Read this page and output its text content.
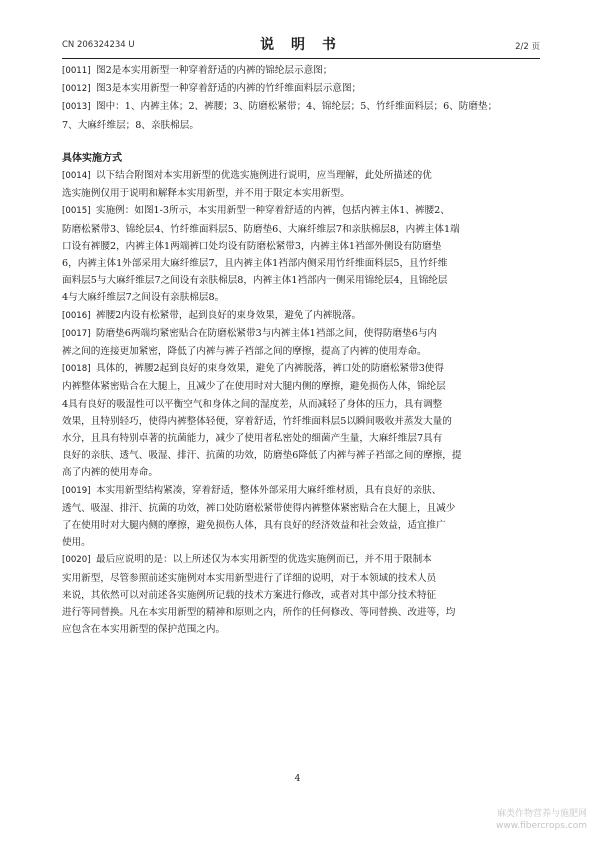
CN 206324234 U	说 明 书	2/2 页
[0011] 图2是本实用新型一种穿着舒适的内裤的锦纶层示意图；
[0012] 图3是本实用新型一种穿着舒适的内裤的竹纤维面料层示意图；
[0013] 图中：1、内裤主体；2、裤腰；3、防磨松紧带；4、锦纶层；5、竹纤维面料层；6、防磨垫；
7、大麻纤维层；8、亲肤棉层。
具体实施方式
[0014] 以下结合附图对本实用新型的优选实施例进行说明，应当理解，此处所描述的优
选实施例仅用于说明和解释本实用新型，并不用于限定本实用新型。
[0015] 实施例：如图1-3所示，本实用新型一种穿着舒适的内裤，包括内裤主体1、裤腰2、
防磨松紧带3、锦纶层4、竹纤维面料层5、防磨垫6、大麻纤维层7和亲肤棉层8，内裤主体1端
口设有裤腰2，内裤主体1两端裤口处均设有防磨松紧带3，内裤主体1裆部外侧设有防磨垫
6，内裤主体1外部采用大麻纤维层7，且内裤主体1裆部内侧采用竹纤维面料层5，且竹纤维
面料层5与大麻纤维层7之间设有亲肤棉层8，内裤主体1裆部内一侧采用锦纶层4，且锦纶层
4与大麻纤维层7之间设有亲肤棉层8。
[0016] 裤腰2内设有松紧带，起到良好的束身效果，避免了内裤脱落。
[0017] 防磨垫6两端均紧密贴合在防磨松紧带3与内裤主体1裆部之间，使得防磨垫6与内
裤之间的连接更加紧密，降低了内裤与裤子裆部之间的摩擦，提高了内裤的使用寿命。
[0018] 具体的，裤腰2起到良好的束身效果，避免了内裤脱落，裤口处的防磨松紧带3使得
内裤整体紧密贴合在大腿上，且减少了在使用时对大腿内侧的摩擦，避免损伤人体，锦纶层
4具有良好的吸湿性可以平衡空气和身体之间的湿度差，从而减轻了身体的压力，具有调整
效果，且特别轻巧，使得内裤整体轻便，穿着舒适，竹纤维面料层5以瞬间吸收并蒸发大量的
水分，且具有特别卓著的抗菌能力，减少了使用者私密处的细菌产生量，大麻纤维层7具有
良好的亲肤、透气、吸湿、排汗、抗菌的功效，防磨垫6降低了内裤与裤子裆部之间的摩擦，提
高了内裤的使用寿命。
[0019] 本实用新型结构紧凑，穿着舒适，整体外部采用大麻纤维材质，具有良好的亲肤、
透气、吸湿、排汗、抗菌的功效，裤口处防磨松紧带使得内裤整体紧密贴合在大腿上，且减少
了在使用时对大腿内侧的摩擦，避免损伤人体，具有良好的经济效益和社会效益，适宜推广
使用。
[0020] 最后应说明的是：以上所述仅为本实用新型的优选实施例而已，并不用于限制本
实用新型，尽管参照前述实施例对本实用新型进行了详细的说明，对于本领域的技术人员
来说，其依然可以对前述各实施例所记载的技术方案进行修改，或者对其中部分技术特征
进行等同替换。凡在本实用新型的精神和原则之内，所作的任何修改、等同替换、改进等，均
应包含在本实用新型的保护范围之内。
4
麻类作物营养与施肥网
www.fibercrops.com
